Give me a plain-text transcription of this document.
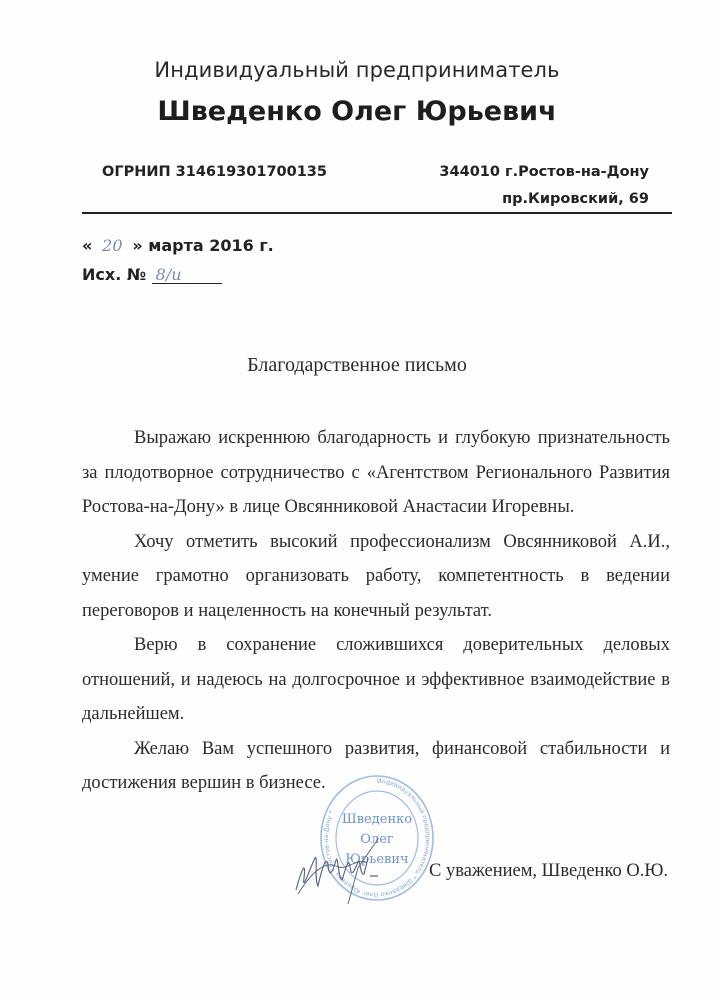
Индивидуальный предприниматель
Шведенко Олег Юрьевич
ОГРНИП 314619301700135	344010 г.Ростов-на-Дону
пр.Кировский, 69
« 20 » марта 2016 г.
Исх. № 8/и
Благодарственное письмо

Выражаю искреннюю благодарность и глубокую признательность за плодотворное сотрудничество с «Агентством Регионального Развития Ростова-на-Дону» в лице Овсянниковой Анастасии Игоревны.

Хочу отметить высокий профессионализм Овсянниковой А.И., умение грамотно организовать работу, компетентность в ведении переговоров и нацеленность на конечный результат.

Верю в сохранение сложившихся доверительных деловых отношений, и надеюсь на долгосрочное и эффективное взаимодействие в дальнейшем.

Желаю Вам успешного развития, финансовой стабильности и достижения вершин в бизнесе.	Индивидуальный предприниматель * Шведенко Олег Юрьевич * Ростов-на-Дону * Шведенко
Олег
Юрьевич
С уважением, Шведенко О.Ю.
